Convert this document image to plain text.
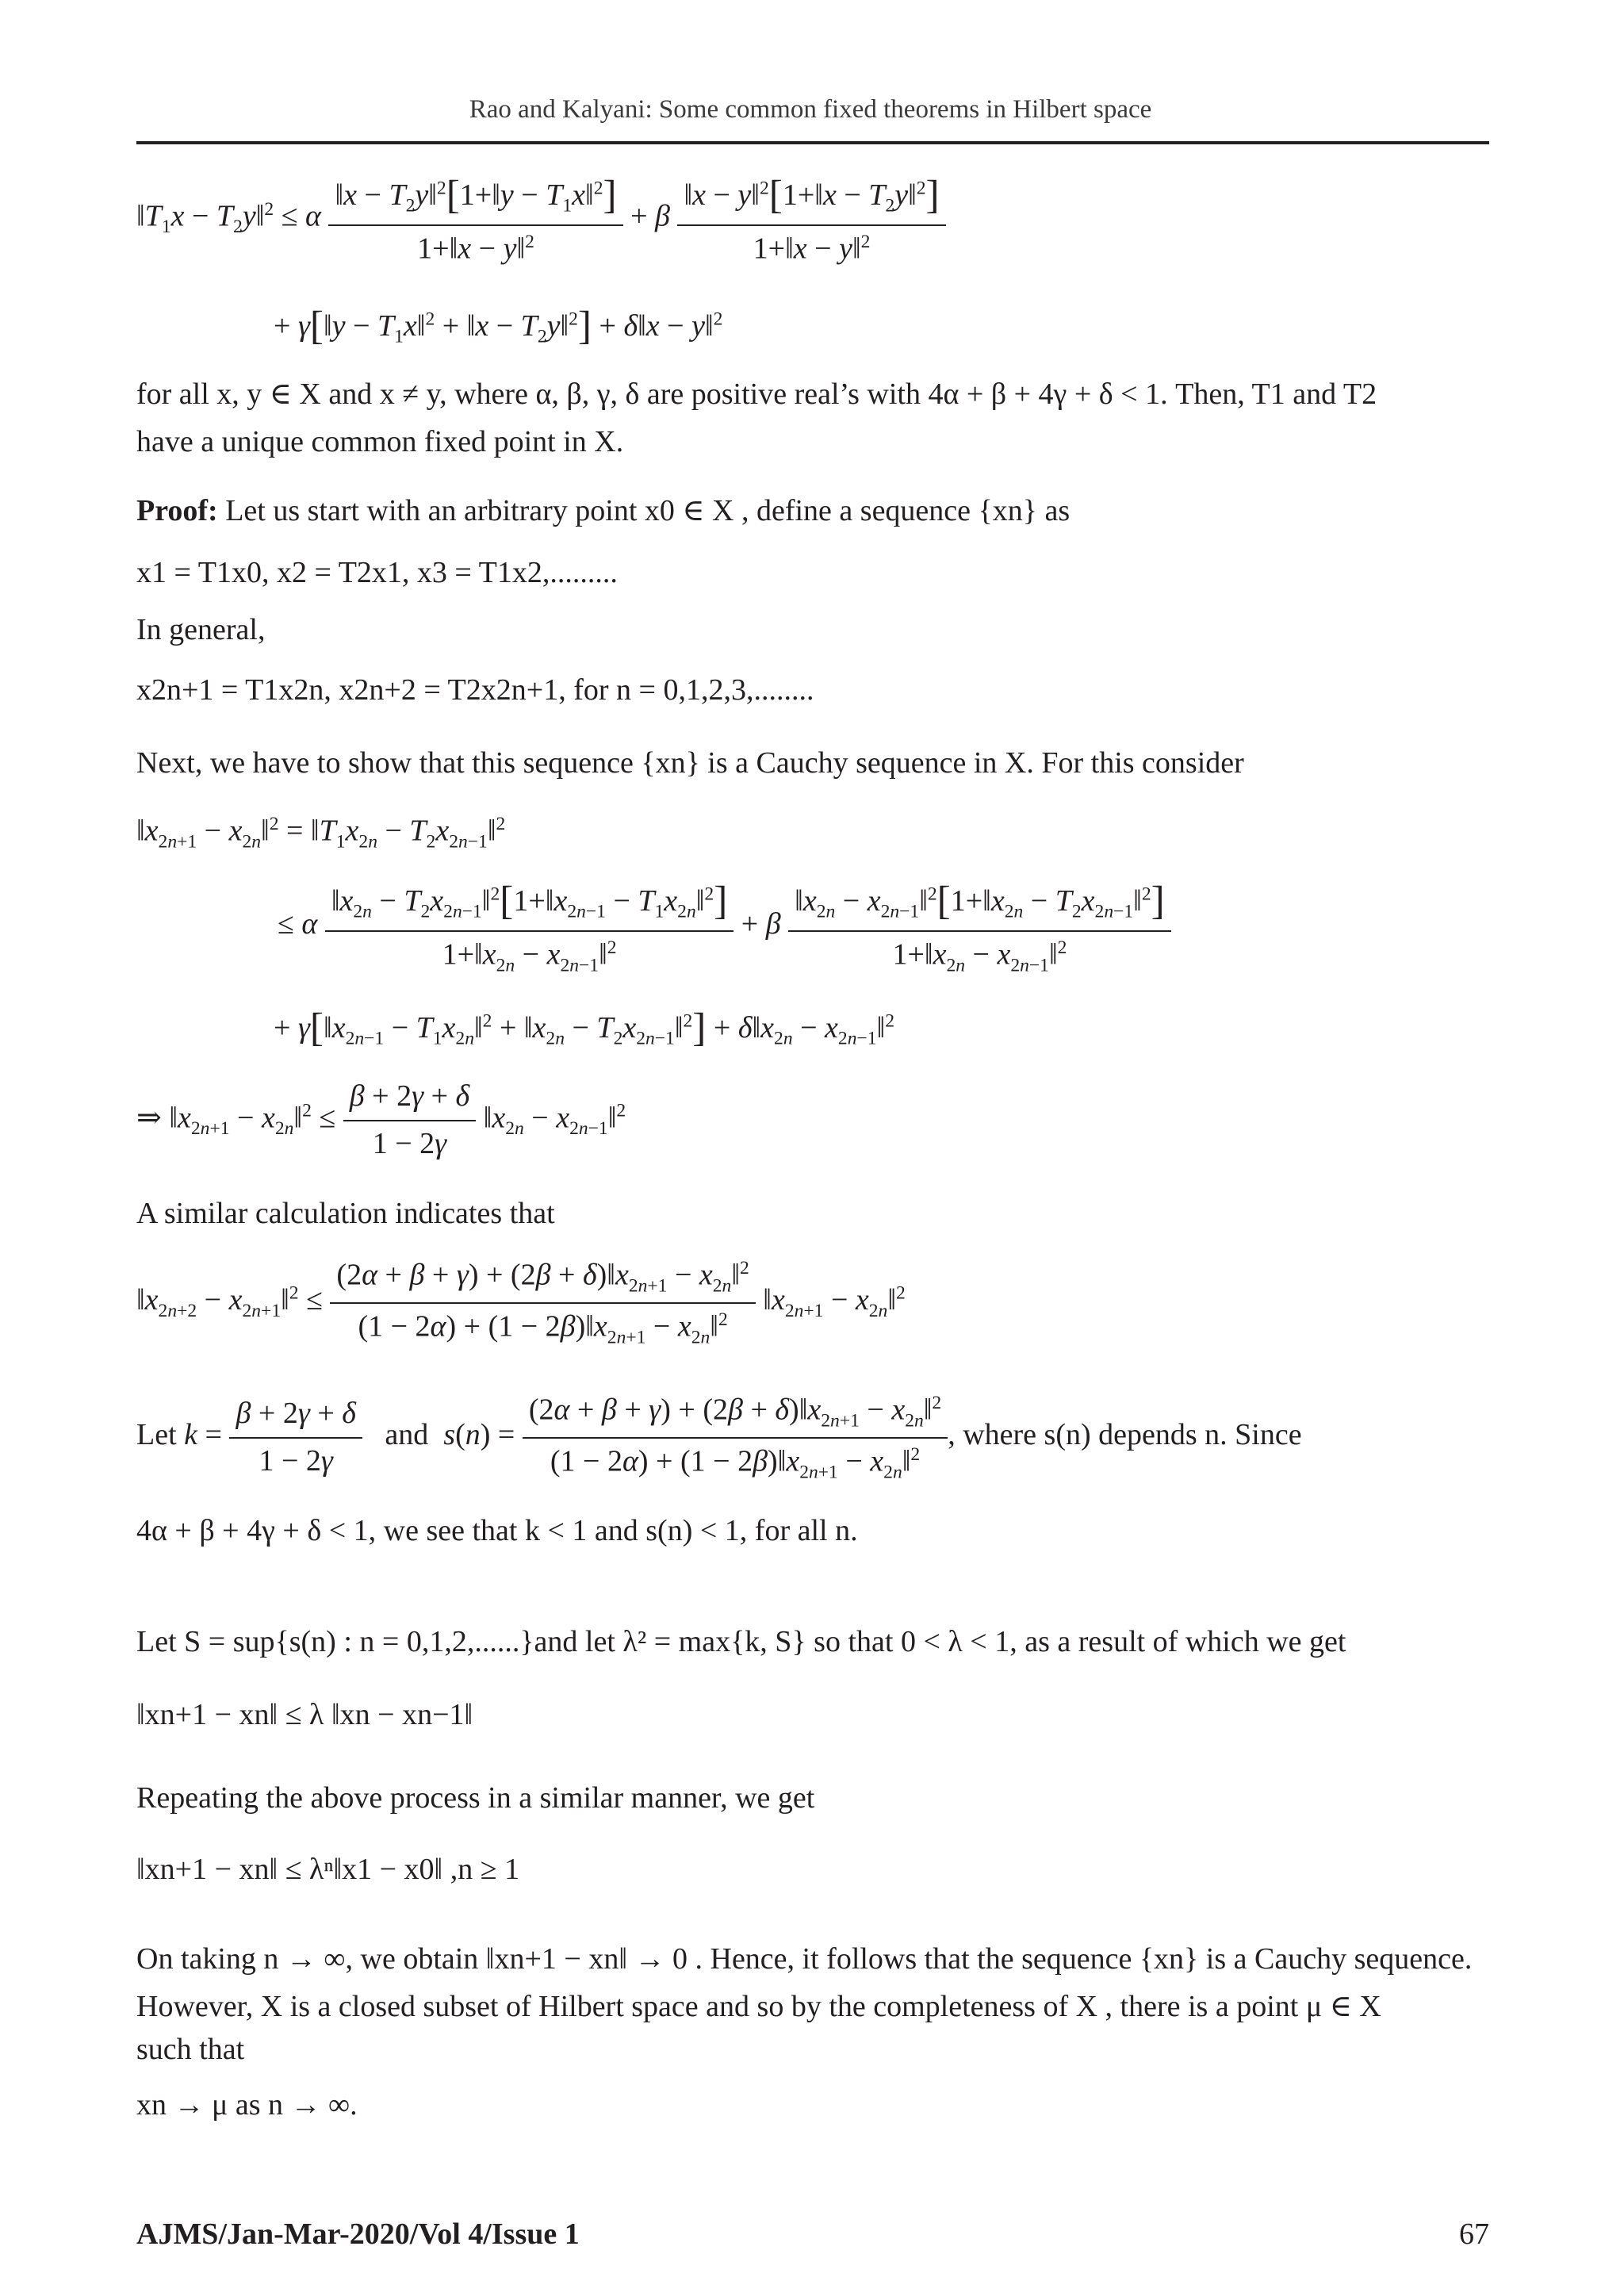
Rao and Kalyani: Some common fixed theorems in Hilbert space
$‖T_1x$ − $T_2y‖^2 \le \alpha \frac{‖x - T_2y‖^2[1+‖y - T_1x‖^2]}{1+‖x - y‖^2} + \beta \frac{‖x - y‖^2[1+‖x - T_2y‖^2]}{1+‖x - y‖^2}$
+ γ[‖y − $T_1x‖^2$ + ‖x − $T_2y‖^2$] + δ‖x − y‖$^2$
for all x, y ∈ X and x ≠ y, where α, β, γ, δ are positive real’s with 4α + β + 4γ + δ < 1. Then, T1 and T2
have a unique common fixed point in X.
Proof: Let us start with an arbitrary point x0 ∈ X , define a sequence {xn} as
x1 = T1x0, x2 = T2x1, x3 = T1x2,.........
In general,
x2n+1 = T1x2n, x2n+2 = T2x2n+1, for n = 0,1,2,3,........
Next, we have to show that this sequence {xn} is a Cauchy sequence in X. For this consider
$‖x_{2n+1}$ − $x_{2n}‖^2$ = $‖T_1x_{2n}$ − $T_2x_{2n-1}‖^2$
≤ α $\frac{‖x_{2n} - T_2x_{2n-1}‖^2[1+‖x_{2n-1} - T_1x_{2n}‖^2]}{1+‖x_{2n} - x_{2n-1}‖^2} + \beta \frac{‖x_{2n} - x_{2n-1}‖^2[1+‖x_{2n} - T_2x_{2n-1}‖^2]}{1+‖x_{2n} - x_{2n-1}‖^2}$
+ $\gamma[‖x_{2n-1}$ − $T_1x_{2n}‖^2$ + $‖x_{2n}$ − $T_2x_{2n-1}‖^2$] + $\delta‖x_{2n}$ − $x_{2n-1}‖^2$
⇒ $‖x_{2n+1}$ − $x_{2n}‖^2 \le \frac{\beta + 2\gamma + \delta}{1 - 2\gamma}$ $‖x_{2n}$ − $x_{2n-1}‖^2$
A similar calculation indicates that
$‖x_{2n+2}$ − $x_{2n+1}‖^2 \le \frac{(2\alpha + \beta + \gamma) + (2\beta + \delta)‖x_{2n+1} - x_{2n}‖^2}{(1 - 2\alpha) + (1 - 2\beta)‖x_{2n+1} - x_{2n}‖^2}$ $‖x_{2n+1}$ − $x_{2n}‖^2$
Let $k = \frac{\beta + 2\gamma + \delta}{1 - 2\gamma}$ and $s(n) = \frac{(2\alpha + \beta + \gamma) + (2\beta + \delta)‖x_{2n+1} - x_{2n}‖^2}{(1 - 2\alpha) + (1 - 2\beta)‖x_{2n+1} - x_{2n}‖^2}$ , where s(n) depends n. Since
4α + β + 4γ + δ < 1, we see that k < 1 and s(n) < 1, for all n.
Let S = sup{s(n) : n = 0,1,2,......}and let λ² = max{k, S} so that 0 < λ < 1, as a result of which we get
‖xn+1 − xn‖ ≤ λ ‖xn − xn−1‖
Repeating the above process in a similar manner, we get
‖xn+1 − xn‖ ≤ λⁿ‖x1 − x0‖ ,n ≥ 1
On taking n → ∞, we obtain ‖xn+1 − xn‖ → 0 . Hence, it follows that the sequence {xn} is a Cauchy sequence.
However, X is a closed subset of Hilbert space and so by the completeness of X , there is a point μ ∈ X
such that
xn → μ as n → ∞.
AJMS/Jan-Mar-2020/Vol 4/Issue 1	67
